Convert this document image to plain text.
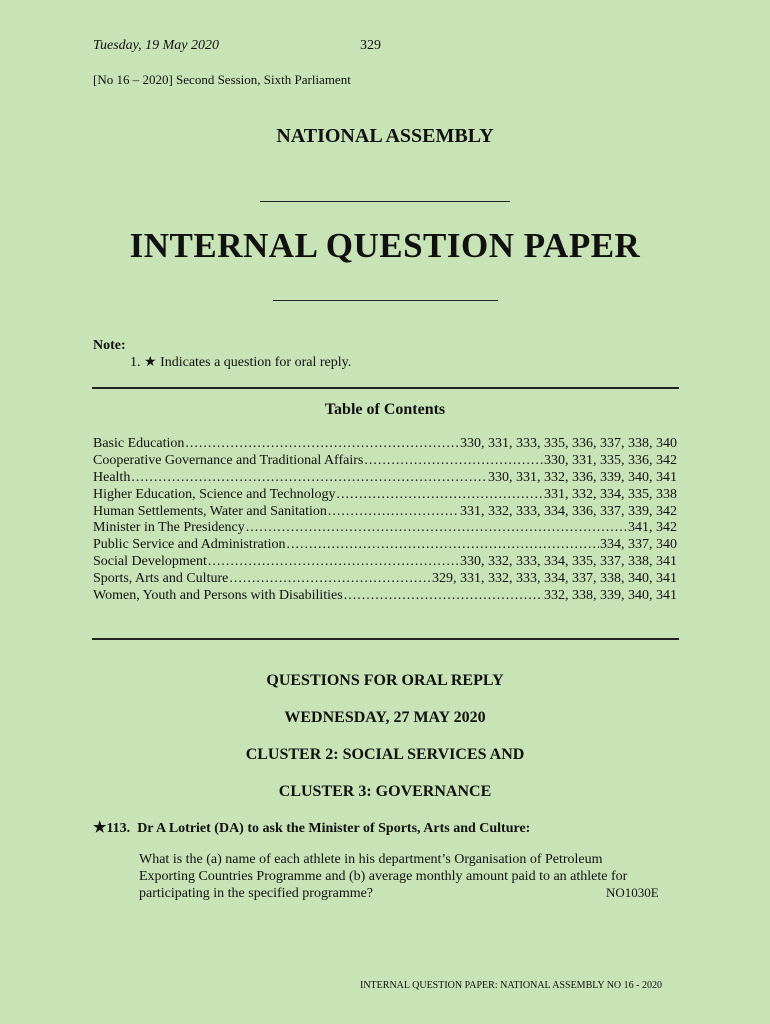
Tuesday, 19 May 2020	329
[No 16 – 2020] Second Session, Sixth Parliament
NATIONAL ASSEMBLY
INTERNAL QUESTION PAPER
Note:
1. ★ Indicates a question for oral reply.
Table of Contents
Basic Education .....	330, 331, 333, 335, 336, 337, 338, 340
Cooperative Governance and Traditional Affairs .....	330, 331, 335, 336, 342
Health .....	330, 331, 332, 336, 339, 340, 341
Higher Education, Science and Technology .....	331, 332, 334, 335, 338
Human Settlements, Water and Sanitation .....	331, 332, 333, 334, 336, 337, 339, 342
Minister in The Presidency .....	341, 342
Public Service and Administration .....	334, 337, 340
Social Development .....	330, 332, 333, 334, 335, 337, 338, 341
Sports, Arts and Culture .....	329, 331, 332, 333, 334, 337, 338, 340, 341
Women, Youth and Persons with Disabilities .....	332, 338, 339, 340, 341
QUESTIONS FOR ORAL REPLY
WEDNESDAY, 27 MAY 2020
CLUSTER 2: SOCIAL SERVICES AND
CLUSTER 3: GOVERNANCE
★113. Dr A Lotriet (DA) to ask the Minister of Sports, Arts and Culture:
What is the (a) name of each athlete in his department’s Organisation of Petroleum
Exporting Countries Programme and (b) average monthly amount paid to an athlete for
participating in the specified programme?	NO1030E
INTERNAL QUESTION PAPER: NATIONAL ASSEMBLY NO 16 - 2020
